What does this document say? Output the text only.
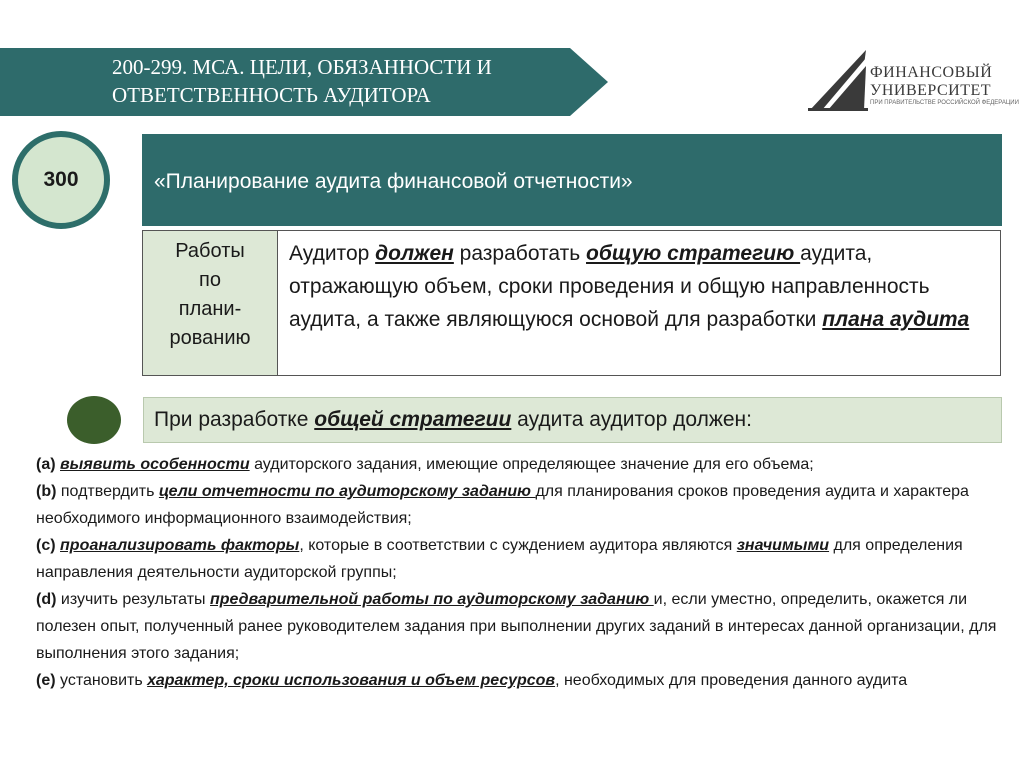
200-299. МСА. ЦЕЛИ, ОБЯЗАННОСТИ И
ОТВЕТСТВЕННОСТЬ АУДИТОРА
ФИНАНСОВЫЙ
УНИВЕРСИТЕТ
ПРИ ПРАВИТЕЛЬСТВЕ РОССИЙСКОЙ ФЕДЕРАЦИИ
300	«Планирование аудита финансовой отчетности»
Работы
по
плани-
рованию
Аудитор должен разработать общую стратегию аудита, отражающую объем, сроки проведения и общую направленность аудита, а также являющуюся основой для разработки плана аудита
При разработке общей стратегии аудита аудитор должен:

(a) выявить особенности аудиторского задания, имеющие определяющее значение для его объема;

(b) подтвердить цели отчетности по аудиторскому заданию для планирования сроков проведения аудита и характера необходимого информационного взаимодействия;

(c) проанализировать факторы, которые в соответствии с суждением аудитора являются значимыми для определения направления деятельности аудиторской группы;

(d) изучить результаты предварительной работы по аудиторскому заданию и, если уместно, определить, окажется ли полезен опыт, полученный ранее руководителем задания при выполнении других заданий в интересах данной организации, для выполнения этого задания;

(e) установить характер, сроки использования и объем ресурсов, необходимых для проведения данного аудита
